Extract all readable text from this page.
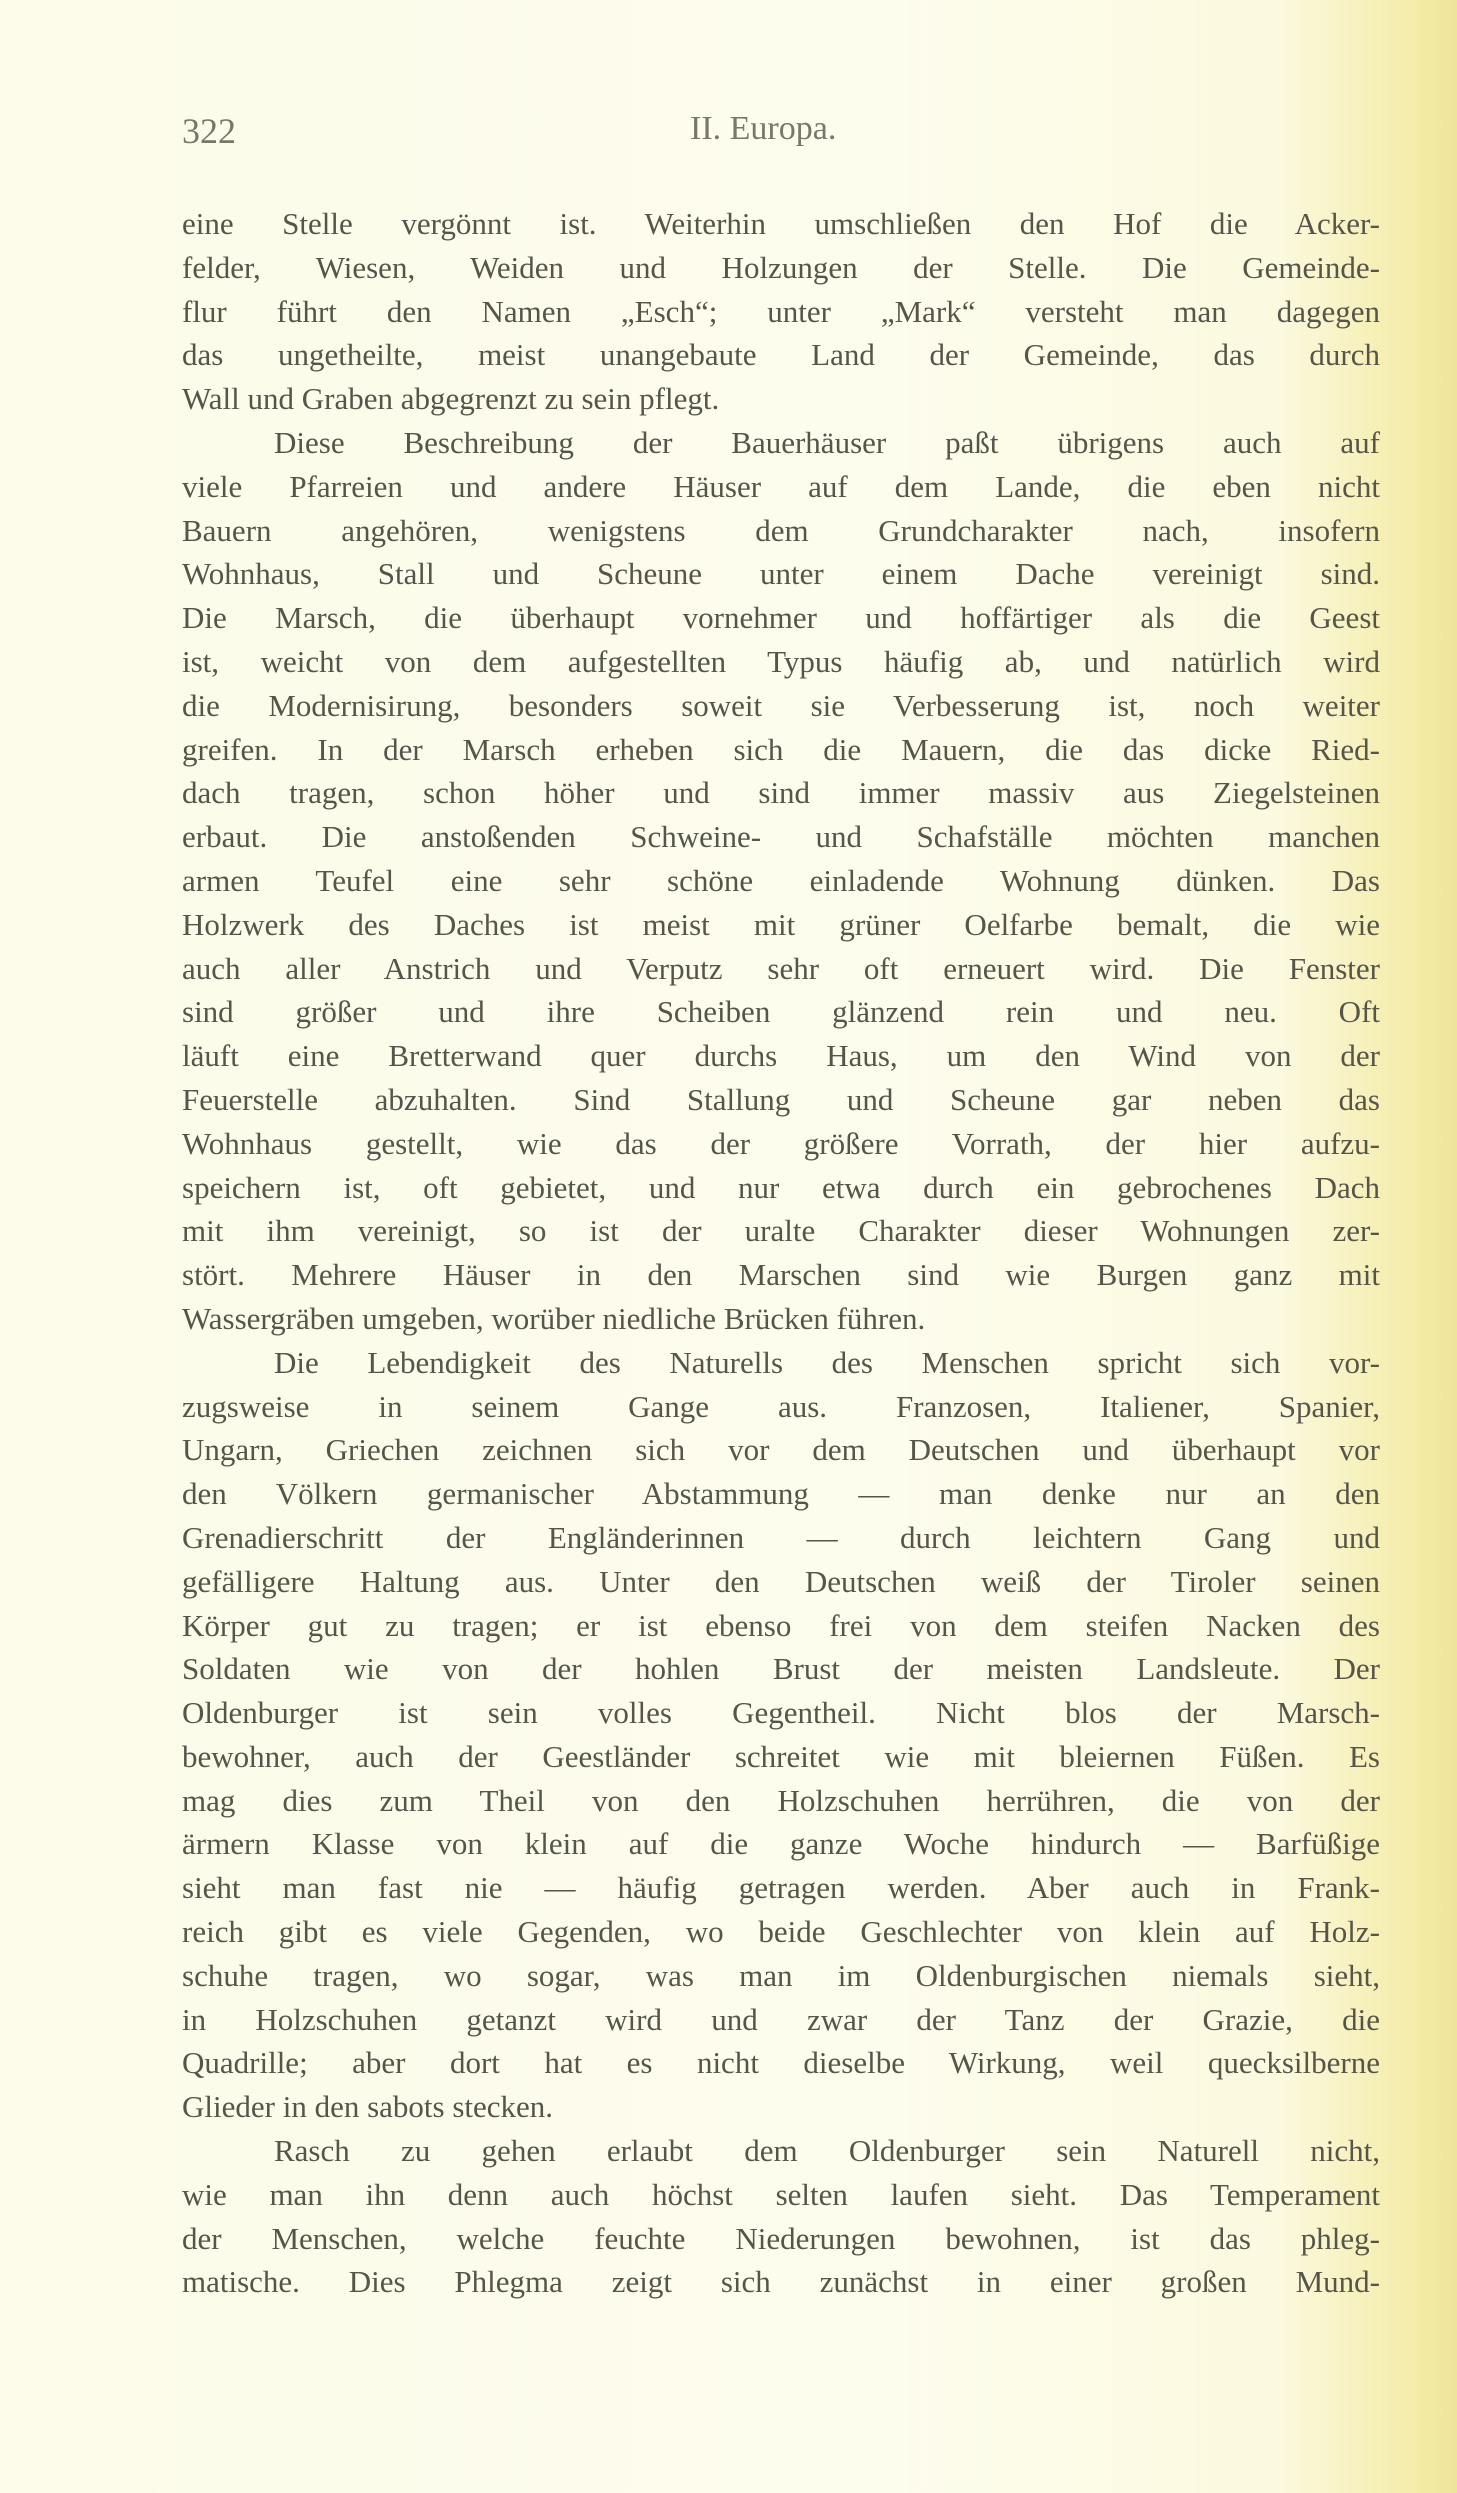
322	II. Europa.
eine Stelle vergönnt ist. Weiterhin umschließen den Hof die Acker-
felder, Wiesen, Weiden und Holzungen der Stelle. Die Gemeinde-
flur führt den Namen „Esch“; unter „Mark“ versteht man dagegen
das ungetheilte, meist unangebaute Land der Gemeinde, das durch
Wall und Graben abgegrenzt zu sein pflegt.
Diese Beschreibung der Bauerhäuser paßt übrigens auch auf
viele Pfarreien und andere Häuser auf dem Lande, die eben nicht
Bauern angehören, wenigstens dem Grundcharakter nach, insofern
Wohnhaus, Stall und Scheune unter einem Dache vereinigt sind.
Die Marsch, die überhaupt vornehmer und hoffärtiger als die Geest
ist, weicht von dem aufgestellten Typus häufig ab, und natürlich wird
die Modernisirung, besonders soweit sie Verbesserung ist, noch weiter
greifen. In der Marsch erheben sich die Mauern, die das dicke Ried-
dach tragen, schon höher und sind immer massiv aus Ziegelsteinen
erbaut. Die anstoßenden Schweine- und Schafställe möchten manchen
armen Teufel eine sehr schöne einladende Wohnung dünken. Das
Holzwerk des Daches ist meist mit grüner Oelfarbe bemalt, die wie
auch aller Anstrich und Verputz sehr oft erneuert wird. Die Fenster
sind größer und ihre Scheiben glänzend rein und neu. Oft
läuft eine Bretterwand quer durchs Haus, um den Wind von der
Feuerstelle abzuhalten. Sind Stallung und Scheune gar neben das
Wohnhaus gestellt, wie das der größere Vorrath, der hier aufzu-
speichern ist, oft gebietet, und nur etwa durch ein gebrochenes Dach
mit ihm vereinigt, so ist der uralte Charakter dieser Wohnungen zer-
stört. Mehrere Häuser in den Marschen sind wie Burgen ganz mit
Wassergräben umgeben, worüber niedliche Brücken führen.
Die Lebendigkeit des Naturells des Menschen spricht sich vor-
zugsweise in seinem Gange aus. Franzosen, Italiener, Spanier,
Ungarn, Griechen zeichnen sich vor dem Deutschen und überhaupt vor
den Völkern germanischer Abstammung — man denke nur an den
Grenadierschritt der Engländerinnen — durch leichtern Gang und
gefälligere Haltung aus. Unter den Deutschen weiß der Tiroler seinen
Körper gut zu tragen; er ist ebenso frei von dem steifen Nacken des
Soldaten wie von der hohlen Brust der meisten Landsleute. Der
Oldenburger ist sein volles Gegentheil. Nicht blos der Marsch-
bewohner, auch der Geestländer schreitet wie mit bleiernen Füßen. Es
mag dies zum Theil von den Holzschuhen herrühren, die von der
ärmern Klasse von klein auf die ganze Woche hindurch — Barfüßige
sieht man fast nie — häufig getragen werden. Aber auch in Frank-
reich gibt es viele Gegenden, wo beide Geschlechter von klein auf Holz-
schuhe tragen, wo sogar, was man im Oldenburgischen niemals sieht,
in Holzschuhen getanzt wird und zwar der Tanz der Grazie, die
Quadrille; aber dort hat es nicht dieselbe Wirkung, weil quecksilberne
Glieder in den sabots stecken.
Rasch zu gehen erlaubt dem Oldenburger sein Naturell nicht,
wie man ihn denn auch höchst selten laufen sieht. Das Temperament
der Menschen, welche feuchte Niederungen bewohnen, ist das phleg-
matische. Dies Phlegma zeigt sich zunächst in einer großen Mund-
